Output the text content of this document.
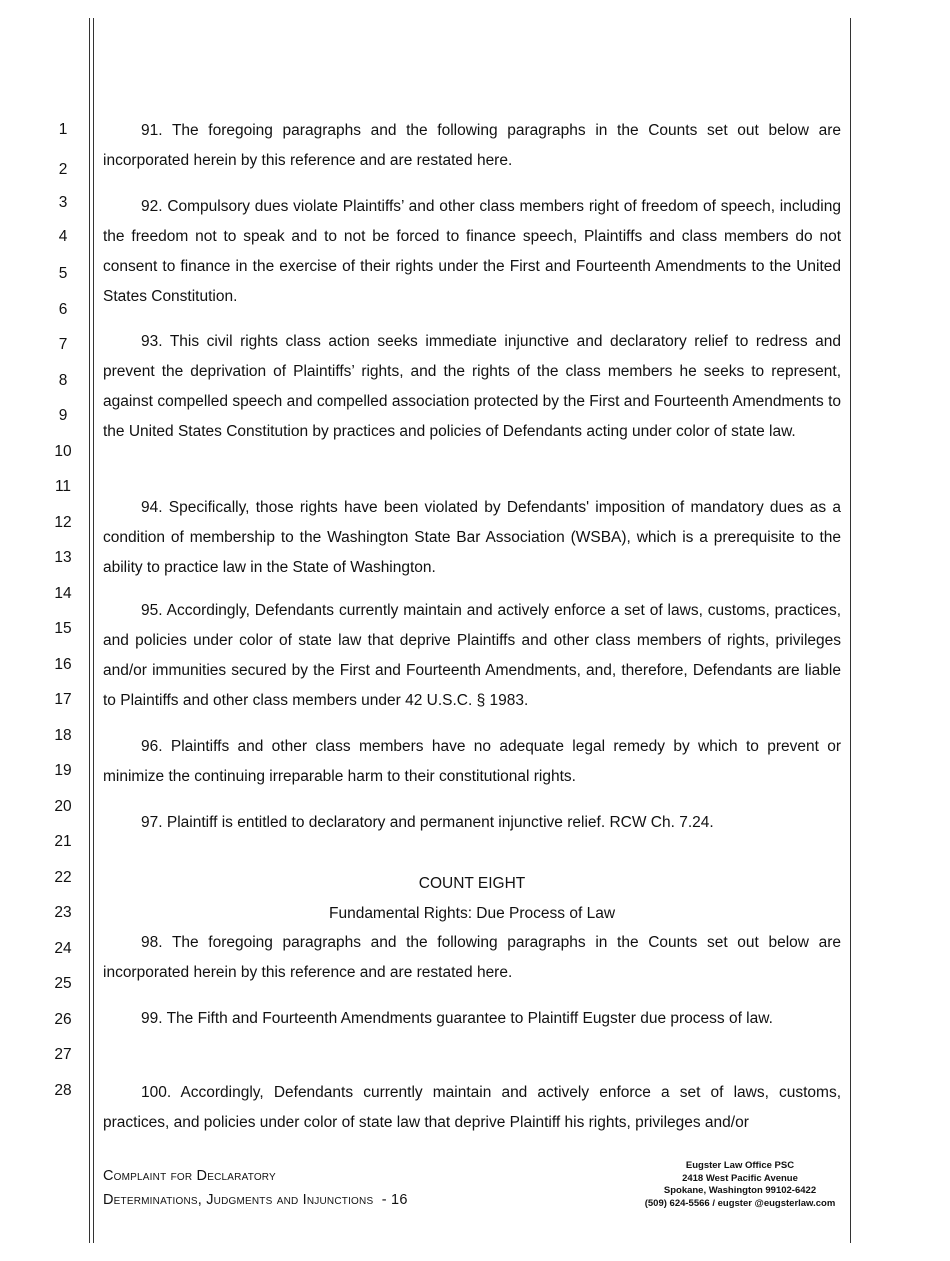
1
2
3
4
5
6
7
8
9
10
11
12
13
14
15
16
17
18
19
20
21
22
23
24
25
26
27
28

91. The foregoing paragraphs and the following paragraphs in the Counts set out below are incorporated herein by this reference and are restated here.

92. Compulsory dues violate Plaintiffs’ and other class members right of freedom of speech, including the freedom not to speak and to not be forced to finance speech, Plaintiffs and class members do not consent to finance in the exercise of their rights under the First and Fourteenth Amendments to the United States Constitution.

93. This civil rights class action seeks immediate injunctive and declaratory relief to redress and prevent the deprivation of Plaintiffs’ rights, and the rights of the class members he seeks to represent, against compelled speech and compelled association protected by the First and Fourteenth Amendments to the United States Constitution by practices and policies of Defendants acting under color of state law.

94. Specifically, those rights have been violated by Defendants' imposition of mandatory dues as a condition of membership to the Washington State Bar Association (WSBA), which is a prerequisite to the ability to practice law in the State of Washington.

95. Accordingly, Defendants currently maintain and actively enforce a set of laws, customs, practices, and policies under color of state law that deprive Plaintiffs and other class members of rights, privileges and/or immunities secured by the First and Fourteenth Amendments, and, therefore, Defendants are liable to Plaintiffs and other class members under 42 U.S.C. § 1983.

96. Plaintiffs and other class members have no adequate legal remedy by which to prevent or minimize the continuing irreparable harm to their constitutional rights.

97. Plaintiff is entitled to declaratory and permanent injunctive relief. RCW Ch. 7.24.

COUNT EIGHT
Fundamental Rights: Due Process of Law

98. The foregoing paragraphs and the following paragraphs in the Counts set out below are incorporated herein by this reference and are restated here.

99. The Fifth and Fourteenth Amendments guarantee to Plaintiff Eugster due process of law.

100. Accordingly, Defendants currently maintain and actively enforce a set of laws, customs, practices, and policies under color of state law that deprive Plaintiff his rights, privileges and/or

Complaint for Declaratory
Determinations, Judgments and Injunctions - 16
Eugster Law Office PSC
2418 West Pacific Avenue
Spokane, Washington 99102-6422
(509) 624-5566 / eugster @eugsterlaw.com
